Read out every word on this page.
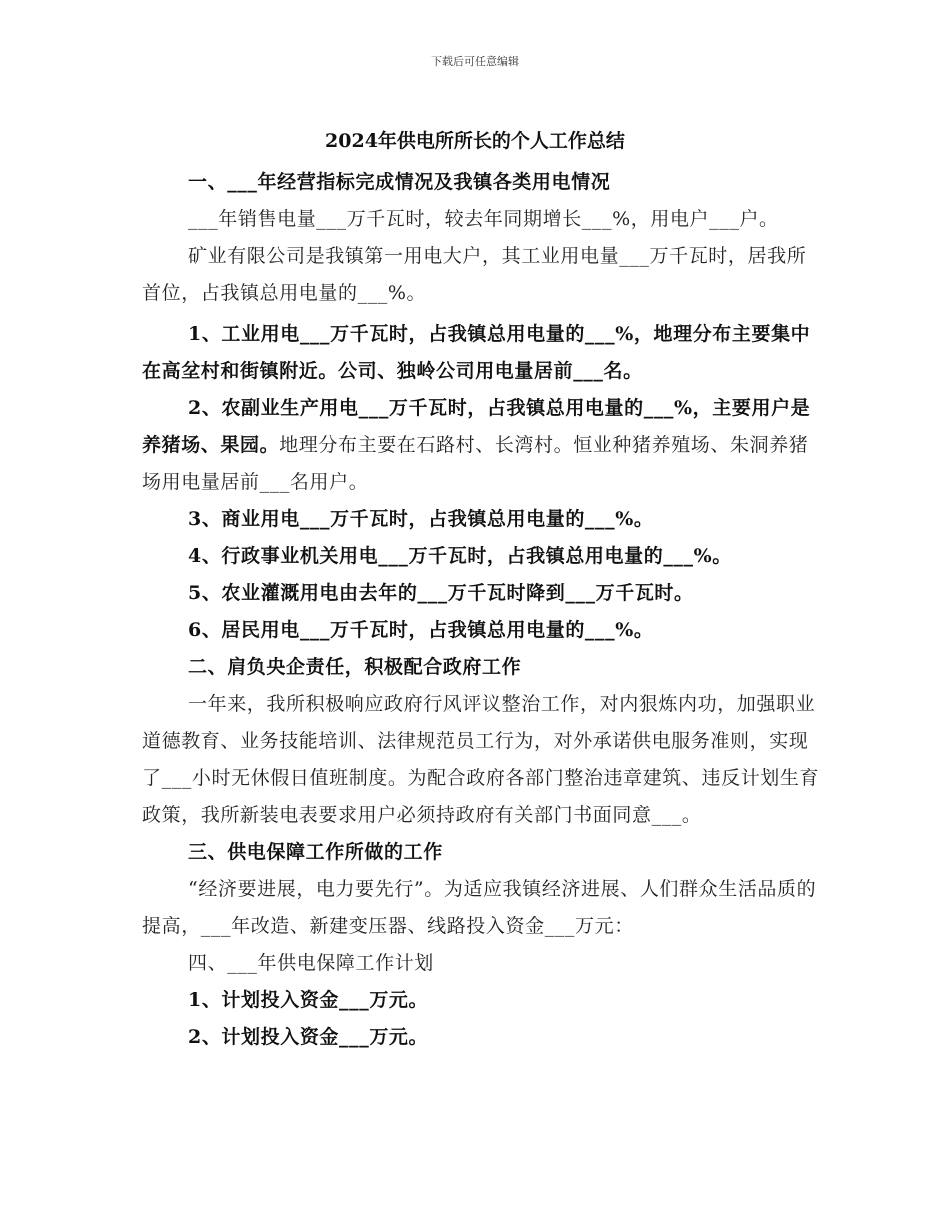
下载后可任意编辑
2024年供电所所长的个人工作总结

一、___年经营指标完成情况及我镇各类用电情况

___年销售电量___万千瓦时，较去年同期增长___%，用电户___户。

矿业有限公司是我镇第一用电大户，其工业用电量___万千瓦时，居我所首位，占我镇总用电量的___%。

1、工业用电___万千瓦时，占我镇总用电量的___%，地理分布主要集中在高坌村和街镇附近。公司、独岭公司用电量居前___名。

2、农副业生产用电___万千瓦时，占我镇总用电量的___%，主要用户是养猪场、果园。地理分布主要在石路村、长湾村。恒业种猪养殖场、朱洞养猪场用电量居前___名用户。

3、商业用电___万千瓦时，占我镇总用电量的___%。

4、行政事业机关用电___万千瓦时，占我镇总用电量的___%。

5、农业灌溉用电由去年的___万千瓦时降到___万千瓦时。

6、居民用电___万千瓦时，占我镇总用电量的___%。

二、肩负央企责任，积极配合政府工作

一年来，我所积极响应政府行风评议整治工作，对内狠炼内功，加强职业道德教育、业务技能培训、法律规范员工行为，对外承诺供电服务准则，实现了___小时无休假日值班制度。为配合政府各部门整治违章建筑、违反计划生育政策，我所新装电表要求用户必须持政府有关部门书面同意___。

三、供电保障工作所做的工作

“经济要进展，电力要先行”。为适应我镇经济进展、人们群众生活品质的提高，___年改造、新建变压器、线路投入资金___万元：

四、___年供电保障工作计划

1、计划投入资金___万元。

2、计划投入资金___万元。
